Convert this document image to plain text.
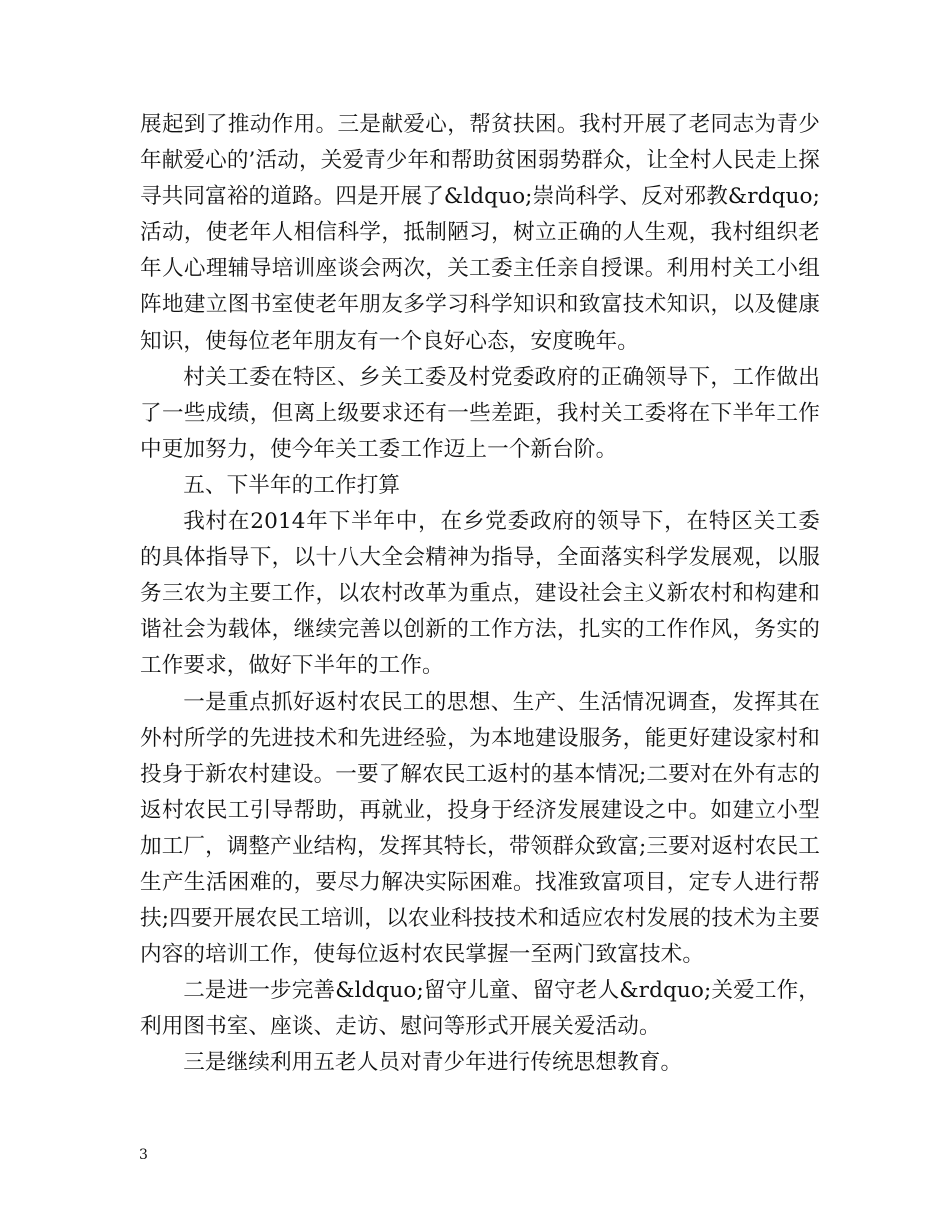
展起到了推动作用。三是献爱心，帮贫扶困。我村开展了老同志为青少年献爱心的’活动，关爱青少年和帮助贫困弱势群众，让全村人民走上探寻共同富裕的道路。四是开展了&ldquo;崇尚科学、反对邪教&rdquo;活动，使老年人相信科学，抵制陋习，树立正确的人生观，我村组织老年人心理辅导培训座谈会两次，关工委主任亲自授课。利用村关工小组阵地建立图书室使老年朋友多学习科学知识和致富技术知识，以及健康知识，使每位老年朋友有一个良好心态，安度晚年。

村关工委在特区、乡关工委及村党委政府的正确领导下，工作做出了一些成绩，但离上级要求还有一些差距，我村关工委将在下半年工作中更加努力，使今年关工委工作迈上一个新台阶。

五、下半年的工作打算

我村在2014年下半年中，在乡党委政府的领导下，在特区关工委的具体指导下，以十八大全会精神为指导，全面落实科学发展观，以服务三农为主要工作，以农村改革为重点，建设社会主义新农村和构建和谐社会为载体，继续完善以创新的工作方法，扎实的工作作风，务实的工作要求，做好下半年的工作。

一是重点抓好返村农民工的思想、生产、生活情况调查，发挥其在外村所学的先进技术和先进经验，为本地建设服务，能更好建设家村和投身于新农村建设。一要了解农民工返村的基本情况;二要对在外有志的返村农民工引导帮助，再就业，投身于经济发展建设之中。如建立小型加工厂，调整产业结构，发挥其特长，带领群众致富;三要对返村农民工生产生活困难的，要尽力解决实际困难。找准致富项目，定专人进行帮扶;四要开展农民工培训，以农业科技技术和适应农村发展的技术为主要内容的培训工作，使每位返村农民掌握一至两门致富技术。

二是进一步完善&ldquo;留守儿童、留守老人&rdquo;关爱工作，利用图书室、座谈、走访、慰问等形式开展关爱活动。

三是继续利用五老人员对青少年进行传统思想教育。

3
